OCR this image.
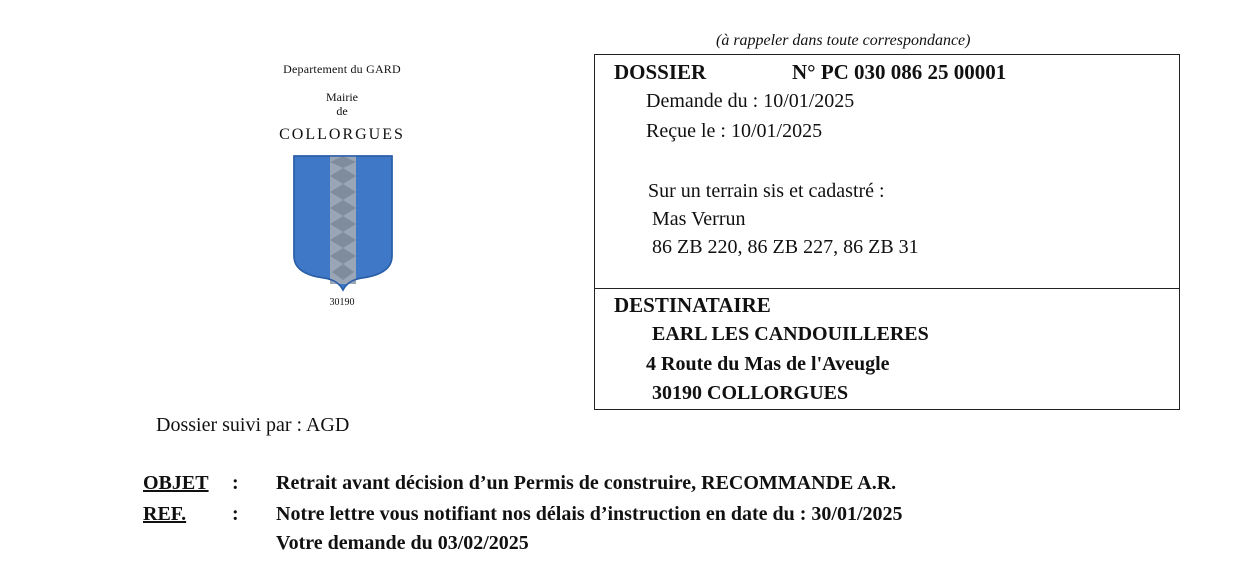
Departement du GARD
Mairie
de
COLLORGUES
30190
(à rappeler dans toute correspondance)
DOSSIER	N° PC 030 086 25 00001
Demande du : 10/01/2025
Reçue le : 10/01/2025
Sur un terrain sis et cadastré :
Mas Verrun
86 ZB 220, 86 ZB 227, 86 ZB 31
DESTINATAIRE
EARL LES CANDOUILLERES
4 Route du Mas de l'Aveugle
30190 COLLORGUES
Dossier suivi par : AGD
OBJET : Retrait avant décision d’un Permis de construire, RECOMMANDE A.R.
REF. : Notre lettre vous notifiant nos délais d’instruction en date du : 30/01/2025
Votre demande du 03/02/2025
